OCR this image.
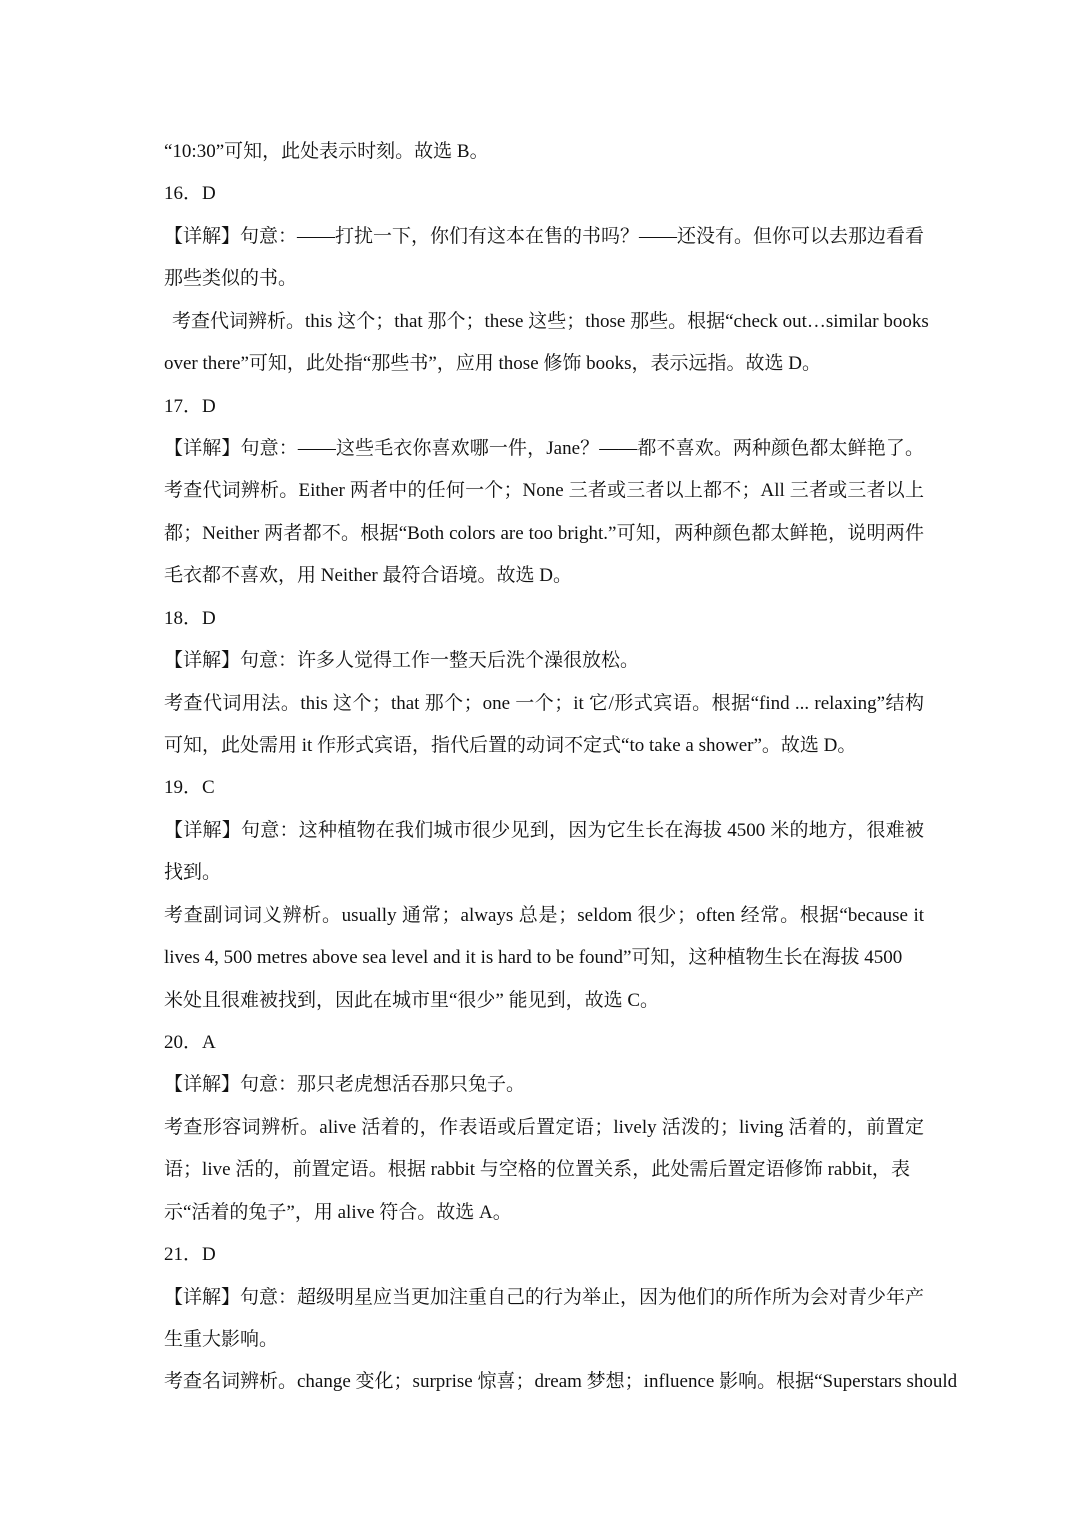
“10:30”可知，此处表示时刻。故选 B。
16．D
【详解】句意：——打扰一下，你们有这本在售的书吗？——还没有。但你可以去那边看看
那些类似的书。
考查代词辨析。this 这个；that 那个；these 这些；those 那些。根据“check out…similar books
over there”可知，此处指“那些书”，应用 those 修饰 books，表示远指。故选 D。
17．D
【详解】句意：——这些毛衣你喜欢哪一件，Jane？——都不喜欢。两种颜色都太鲜艳了。
考查代词辨析。Either 两者中的任何一个；None 三者或三者以上都不；All 三者或三者以上
都；Neither 两者都不。根据“Both colors are too bright.”可知，两种颜色都太鲜艳，说明两件
毛衣都不喜欢，用 Neither 最符合语境。故选 D。
18．D
【详解】句意：许多人觉得工作一整天后洗个澡很放松。
考查代词用法。this 这个；that 那个；one 一个；it 它/形式宾语。根据“find ... relaxing”结构
可知，此处需用 it 作形式宾语，指代后置的动词不定式“to take a shower”。故选 D。
19．C
【详解】句意：这种植物在我们城市很少见到，因为它生长在海拔 4500 米的地方，很难被
找到。
考查副词词义辨析。usually 通常；always 总是；seldom 很少；often 经常。根据“because it
lives 4, 500 metres above sea level and it is hard to be found”可知，这种植物生长在海拔 4500
米处且很难被找到，因此在城市里“很少” 能见到，故选 C。
20．A
【详解】句意：那只老虎想活吞那只兔子。
考查形容词辨析。alive 活着的，作表语或后置定语；lively 活泼的；living 活着的，前置定
语；live 活的，前置定语。根据 rabbit 与空格的位置关系，此处需后置定语修饰 rabbit，表
示“活着的兔子”，用 alive 符合。故选 A。
21．D
【详解】句意：超级明星应当更加注重自己的行为举止，因为他们的所作所为会对青少年产
生重大影响。
考查名词辨析。change 变化；surprise 惊喜；dream 梦想；influence 影响。根据“Superstars should
